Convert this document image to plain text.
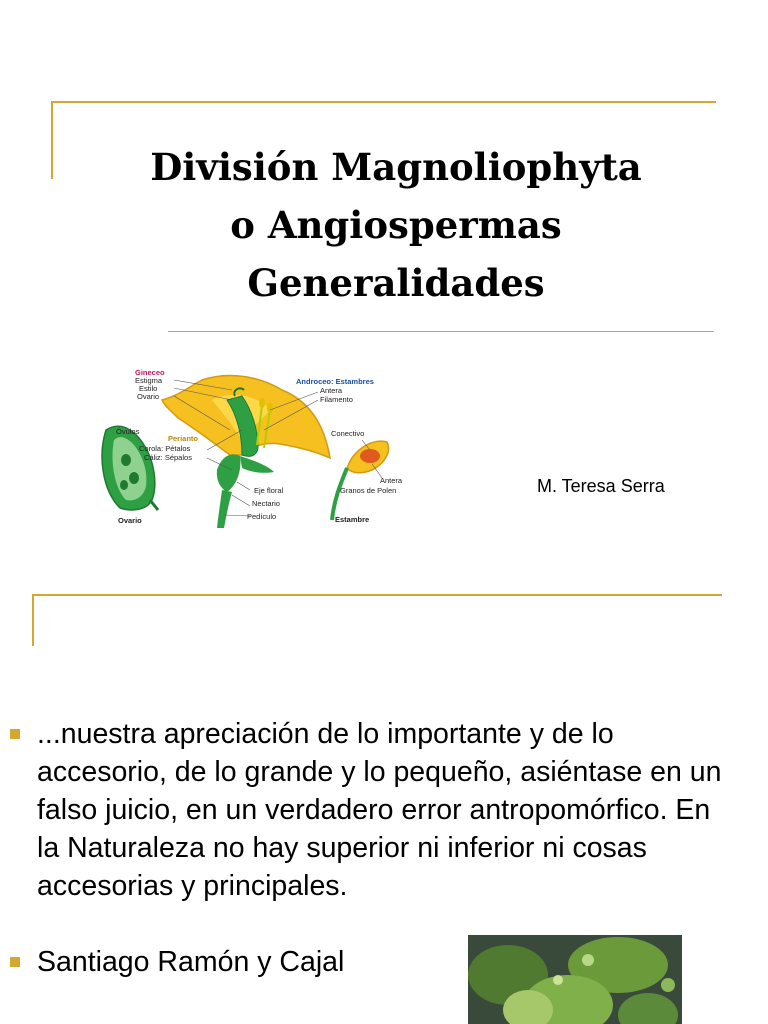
División Magnoliophyta
o Angiospermas
Generalidades
Gineceo
Estigma
Estilo
Ovario
Androceo: Estambres
Antera
Filamento
Óvulos
Perianto
Corola: Pétalos
Cáliz: Sépalos
Conectivo
Antera
Granos de Polen
Eje floral
Nectario
Pedículo
Ovario	Estambre
M. Teresa Serra
...nuestra apreciación de lo importante y de lo accesorio, de lo grande y lo pequeño, asiéntase en un falso juicio, en un verdadero error antropomórfico. En la Naturaleza no hay superior ni inferior ni cosas accesorias y principales.
Santiago Ramón y Cajal
